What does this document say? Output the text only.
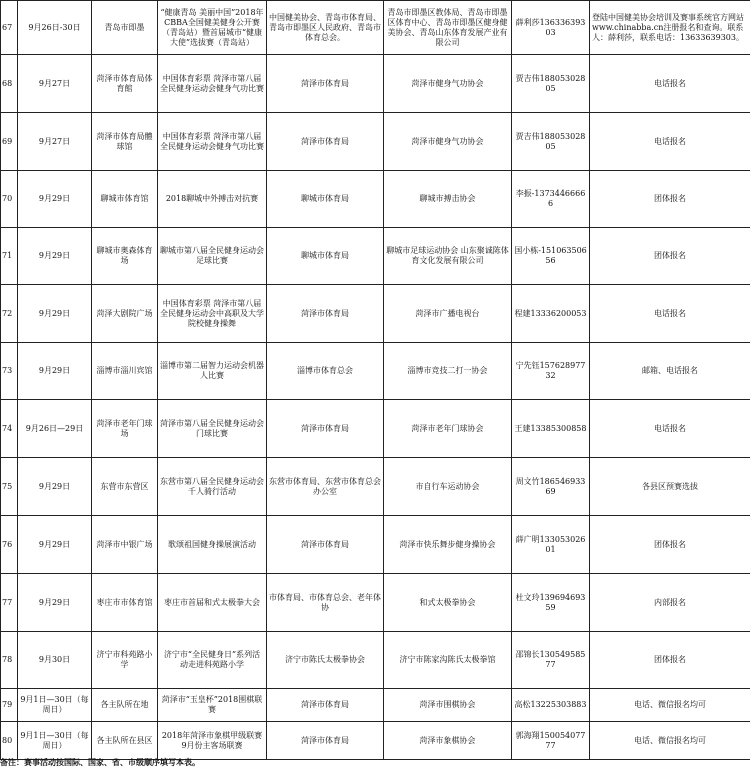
67	9月26日-30日	青岛市即墨	“健康青岛 美丽中国”2018年CBBA全国健美健身公开赛（青岛站）暨首届城市“健康大使”选拔赛（青岛站）	中国健美协会、青岛市体育局、青岛市即墨区人民政府、青岛市体育总会。	青岛市即墨区教体局、青岛市即墨区体育中心、青岛市即墨区健身健美协会、青岛山东体育发展产业有限公司	薛利莎13633639303	登陆中国健美协会培训及赛事系统官方网站www.chinabba.cn注册报名和查询。联系人：薛利莎，联系电话：13633639303。
68	9月27日	菏泽市体育局体育館	中国体育彩票 菏泽市第八届全民健身运动会健身气功比赛	菏泽市体育局	菏泽市健身气功协会	贾吉伟18805302805	电话报名
69	9月27日	菏泽市体育局體球馆	中国体育彩票 菏泽市第八届全民健身运动会健身气功比赛	菏泽市体育局	菏泽市健身气功协会	贾吉伟18805302805	电话报名
70	9月29日	聊城市体育馆	2018聊城中外搏击对抗赛	聊城市体育局	聊城市搏击协会	李振-13734466666	团体报名
71	9月29日	聊城市奥森体育场	聊城市第八届全民健身运动会足球比赛	聊城市体育局	聊城市足球运动协会 山东聚诚陈体育文化发展有限公司	国小栋-15106350656	团体报名
72	9月29日	菏泽大剧院广场	中国体育彩票 菏泽市第八届全民健身运动会中高职及大学院校健身操舞	菏泽市体育局	菏泽市广播电视台	程建13336200053	电话报名
73	9月29日	淄博市淄川宾馆	淄博市第二届智力运动会机器人比赛	淄博市体育总会	淄博市竞技二打一协会	宁先钰15762897732	邮箱、电话报名
74	9月26日—29日	菏泽市老年门球场	菏泽市第八届全民健身运动会门球比赛	菏泽市体育局	菏泽市老年门球协会	王建13385300858	电话报名
75	9月29日	东营市东营区	东营市第八届全民健身运动会千人骑行活动	东营市体育局、东营市体育总会办公室	市自行车运动协会	周文竹18654693369	各县区预赛选拔
76	9月29日	菏泽市中银广场	歌颂祖国健身操展演活动	菏泽市体育局	菏泽市快乐舞步健身操协会	薛广明13305302601	团体报名
77	9月29日	枣庄市市体育馆	枣庄市首届和式太极拳大会	市体育局、市体育总会、老年体协	和式太极拳协会	杜文玲13969469359	内部报名
78	9月30日	济宁市科苑路小学	济宁市“全民健身日”系列活动走进科苑路小学	济宁市陈氏太极拳协会	济宁市陈家沟陈氏太极拳馆	邵锦长13054958577	团体报名
79	9月1日—30日（每周日）	各主队所在地	菏泽市“玉皇杯”2018围棋联赛	菏泽市体育局	菏泽市围棋协会	高松13225303883	电话、微信报名均可
80	9月1日—30日（每周日）	各主队所在县区	2018年菏泽市象棋甲级联赛9月份主客场联赛	菏泽市体育局	菏泽市象棋协会	郭海翔15005407777	电话、微信报名均可
备注：赛事活动按国际、国家、省、市级顺序填写本表。
